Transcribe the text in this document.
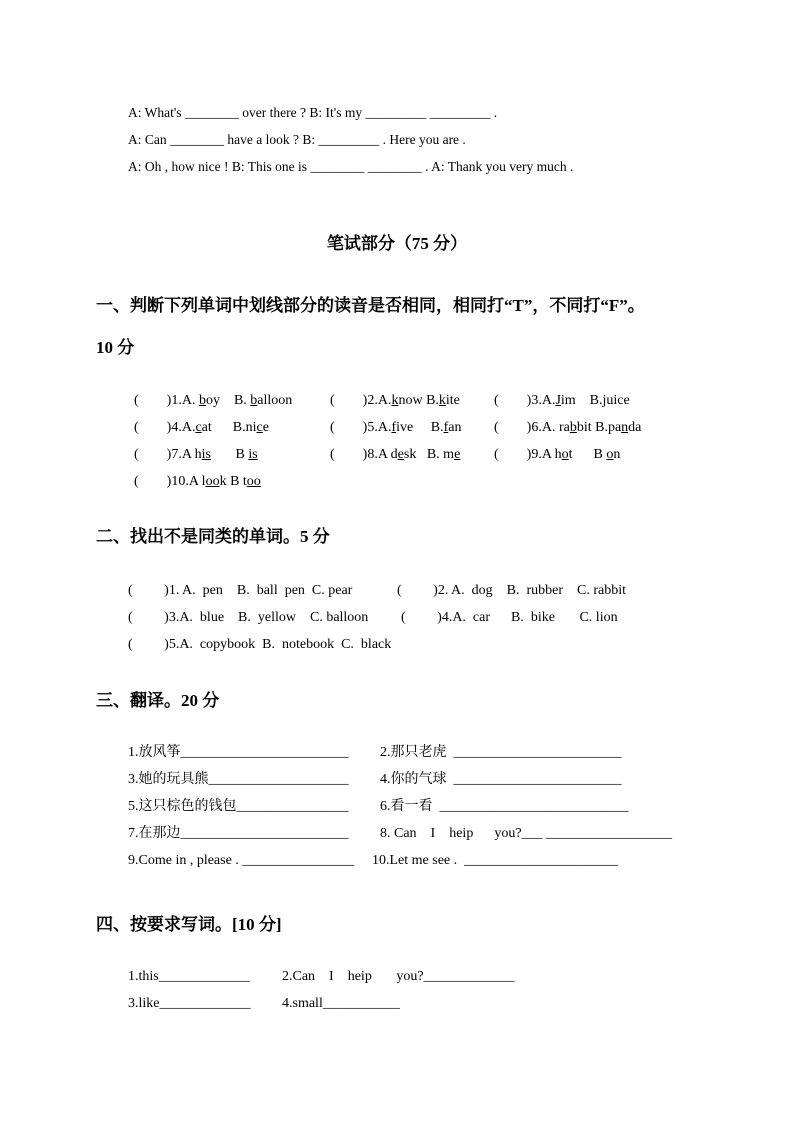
A: What's ________ over there ? B: It's my _________ _________ .
A: Can ________ have a look ? B: _________ . Here you are .
A: Oh , how nice ! B: This one is ________ ________ . A: Thank you very much .
笔试部分（75 分）
一、判断下列单词中划线部分的读音是否相同，相同打“T”，不同打“F”。
10 分
(        )1.A. boy    B. balloon	(        )2.A.know B.kite (        )3.A.Jim    B.juice
(        )4.A.cat      B.nice	(        )5.A.five     B.fan (        )6.A. rabbit B.panda
(        )7.A his       B is	(        )8.A desk   B. me (        )9.A hot      B on
(        )10.A look B too
二、找出不是同类的单词。5 分
(         )1. A.  pen    B.  ball  pen  C. pear	(         )2. A.  dog    B.  rubber    C. rabbit
(         )3.A.  blue    B.  yellow    C. balloon (         )4.A.  car      B.  bike       C. lion
(         )5.A.  copybook  B.  notebook  C.  black
三、翻译。20 分
1.放风筝________________________ 2.那只老虎  ________________________
3.她的玩具熊____________________ 4.你的气球  ________________________
5.这只棕色的钱包________________ 6.看一看  ___________________________
7.在那边________________________ 8. Can    I    heip      you?___ __________________
9.Come in , please . ________________ 10.Let me see .  ______________________
四、按要求写词。[10 分]
1.this_____________ 2.Can    I    heip       you?_____________
3.like_____________ 4.small___________
